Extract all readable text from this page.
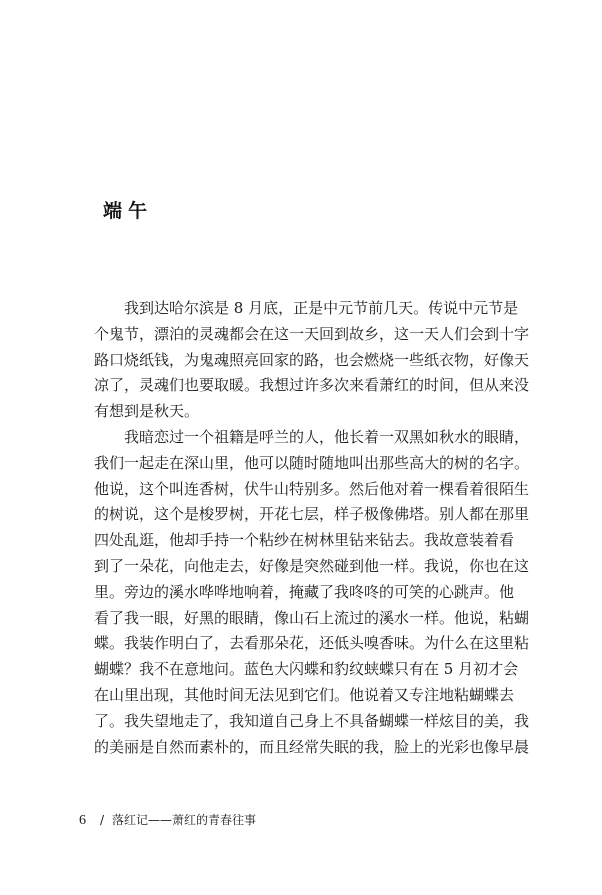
端午
　　我到达哈尔滨是 8 月底，正是中元节前几天。传说中元节是
个鬼节，漂泊的灵魂都会在这一天回到故乡，这一天人们会到十字
路口烧纸钱，为鬼魂照亮回家的路，也会燃烧一些纸衣物，好像天
凉了，灵魂们也要取暖。我想过许多次来看萧红的时间，但从来没
有想到是秋天。
　　我暗恋过一个祖籍是呼兰的人，他长着一双黑如秋水的眼睛，
我们一起走在深山里，他可以随时随地叫出那些高大的树的名字。
他说，这个叫连香树，伏牛山特别多。然后他对着一棵看着很陌生
的树说，这个是梭罗树，开花七层，样子极像佛塔。别人都在那里
四处乱逛，他却手持一个粘纱在树林里钻来钻去。我故意装着看
到了一朵花，向他走去，好像是突然碰到他一样。我说，你也在这
里。旁边的溪水哗哗地响着，掩藏了我咚咚的可笑的心跳声。他
看了我一眼，好黑的眼睛，像山石上流过的溪水一样。他说，粘蝴
蝶。我装作明白了，去看那朵花，还低头嗅香味。为什么在这里粘
蝴蝶？我不在意地问。蓝色大闪蝶和豹纹蛱蝶只有在 5 月初才会
在山里出现，其他时间无法见到它们。他说着又专注地粘蝴蝶去
了。我失望地走了，我知道自己身上不具备蝴蝶一样炫目的美，我
的美丽是自然而素朴的，而且经常失眠的我，脸上的光彩也像早晨
6 / 落红记——萧红的青春往事
